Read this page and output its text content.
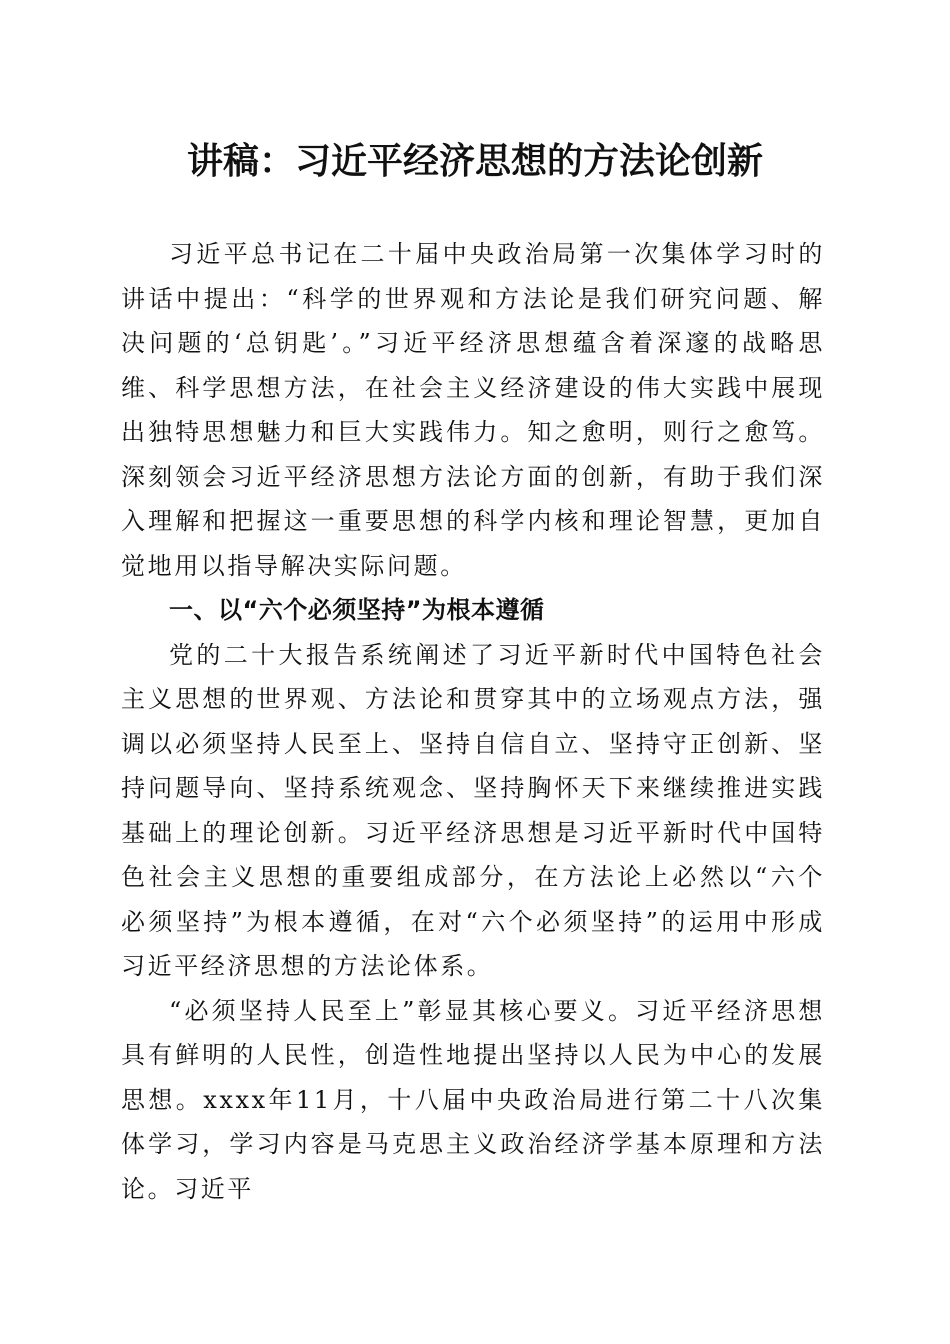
讲稿：习近平经济思想的方法论创新

习近平总书记在二十届中央政治局第一次集体学习时的讲话中提出：“科学的世界观和方法论是我们研究问题、解决问题的‘总钥匙’。”习近平经济思想蕴含着深邃的战略思维、科学思想方法，在社会主义经济建设的伟大实践中展现出独特思想魅力和巨大实践伟力。知之愈明，则行之愈笃。深刻领会习近平经济思想方法论方面的创新，有助于我们深入理解和把握这一重要思想的科学内核和理论智慧，更加自觉地用以指导解决实际问题。

一、以“六个必须坚持”为根本遵循

党的二十大报告系统阐述了习近平新时代中国特色社会主义思想的世界观、方法论和贯穿其中的立场观点方法，强调以必须坚持人民至上、坚持自信自立、坚持守正创新、坚持问题导向、坚持系统观念、坚持胸怀天下来继续推进实践基础上的理论创新。习近平经济思想是习近平新时代中国特色社会主义思想的重要组成部分，在方法论上必然以“六个必须坚持”为根本遵循，在对“六个必须坚持”的运用中形成习近平经济思想的方法论体系。

“必须坚持人民至上”彰显其核心要义。习近平经济思想具有鲜明的人民性，创造性地提出坚持以人民为中心的发展思想。xxxx年11月，十八届中央政治局进行第二十八次集体学习，学习内容是马克思主义政治经济学基本原理和方法论。习近平
